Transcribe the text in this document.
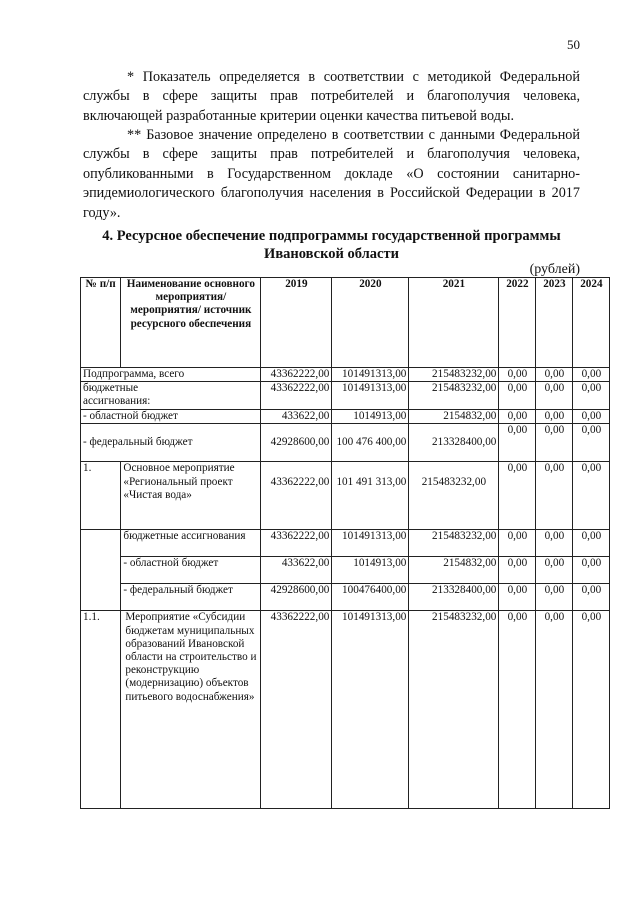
50

* Показатель определяется в соответствии с методикой Федеральной службы в сфере защиты прав потребителей и благополучия человека, включающей разработанные критерии оценки качества питьевой воды.

** Базовое значение определено в соответствии с данными Федеральной службы в сфере защиты прав потребителей и благополучия человека, опубликованными в Государственном докладе «О состоянии санитарно-эпидемиологического благополучия населения в Российской Федерации в 2017 году».

4. Ресурсное обеспечение подпрограммы государственной программы
Ивановской области
(рублей)
№ п/п	Наименование основного мероприятия/ мероприятия/ источник ресурсного обеспечения	2019	2020	2021	2022	2023	2024
Подпрограмма, всего		43362222,00	101491313,00	215483232,00	0,00	0,00	0,00
бюджетные ассигнования:		43362222,00	101491313,00	215483232,00	0,00	0,00	0,00
- областной бюджет		433622,00	1014913,00	2154832,00	0,00	0,00	0,00
- федеральный бюджет		42928600,00	100 476 400,00	213328400,00	0,00	0,00	0,00
1.	Основное мероприятие «Региональный проект «Чистая вода»	43362222,00	101 491 313,00	215483232,00	0,00	0,00	0,00
	бюджетные ассигнования	43362222,00	101491313,00	215483232,00	0,00	0,00	0,00
	- областной бюджет	433622,00	1014913,00	2154832,00	0,00	0,00	0,00
	- федеральный бюджет	42928600,00	100476400,00	213328400,00	0,00	0,00	0,00
1.1.	Мероприятие «Субсидии бюджетам муниципальных образований Ивановской области на строительство и реконструкцию (модернизацию) объектов питьевого водоснабжения»	43362222,00	101491313,00	215483232,00	0,00	0,00	0,00
